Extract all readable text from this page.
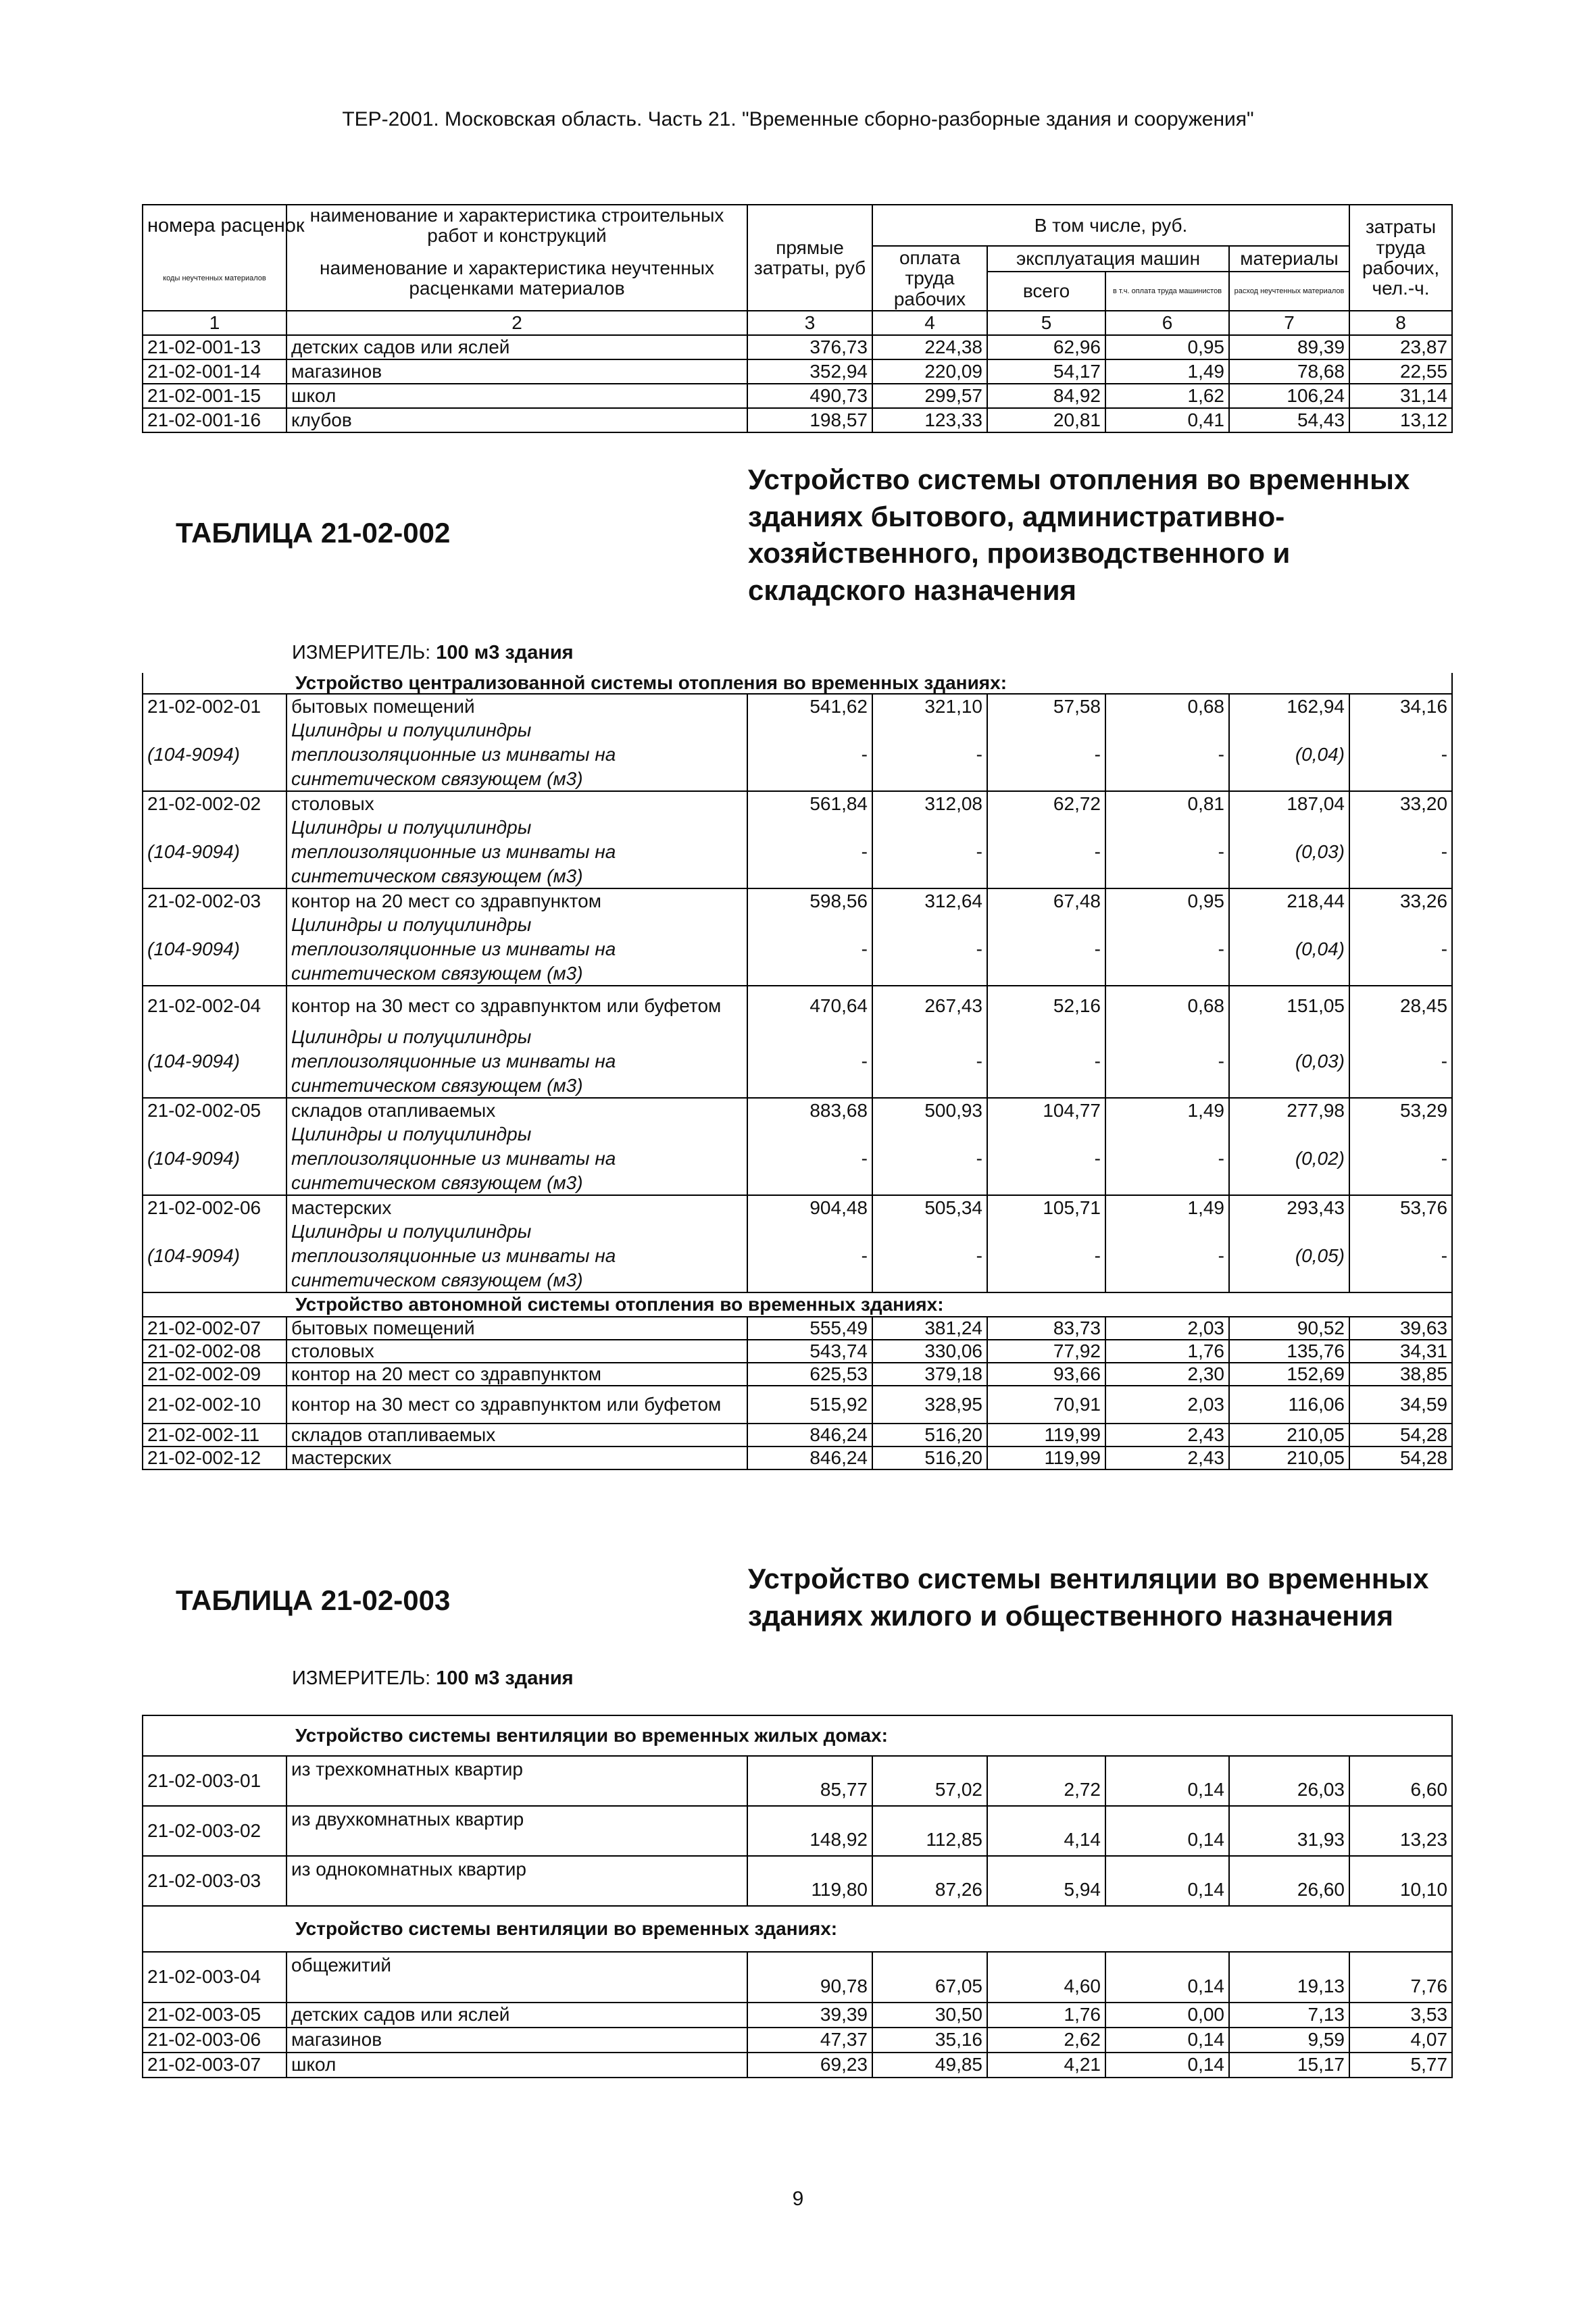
ТЕР-2001. Московская область. Часть 21. "Временные сборно-разборные здания и сооружения"
номера расценок	наименование и характеристика строительных работ и конструкций	прямые затраты, руб	В том числе, руб.				затраты труда рабочих, чел.-ч.
коды неучтенных материалов	наименование и характеристика неучтенных расценками материалов		оплата труда рабочих	эксплуатация машин		материалы	
				всего	в т.ч. оплата труда машинистов	расход неучтенных материалов	
1	2	3	4	5	6	7	8
21-02-001-13	детских садов или яслей	376,73	224,38	62,96	0,95	89,39	23,87
21-02-001-14	магазинов	352,94	220,09	54,17	1,49	78,68	22,55
21-02-001-15	школ	490,73	299,57	84,92	1,62	106,24	31,14
21-02-001-16	клубов	198,57	123,33	20,81	0,41	54,43	13,12
ТАБЛИЦА 21-02-002
Устройство системы отопления во временных
зданиях бытового, административно-
хозяйственного, производственного и
складского назначения
ИЗМЕРИТЕЛЬ: 100 м3 здания
Устройство централизованной системы отопления во временных зданиях:							
21-02-002-01	бытовых помещений	541,62	321,10	57,58	0,68	162,94	34,16
	Цилиндры и полуцилиндры						
(104-9094)	теплоизоляционные из минваты на	-	-	-	-	(0,04)	-
	синтетическом связующем (м3)						
21-02-002-02	столовых	561,84	312,08	62,72	0,81	187,04	33,20
	Цилиндры и полуцилиндры						
(104-9094)	теплоизоляционные из минваты на	-	-	-	-	(0,03)	-
	синтетическом связующем (м3)						
21-02-002-03	контор на 20 мест со здравпунктом	598,56	312,64	67,48	0,95	218,44	33,26
	Цилиндры и полуцилиндры						
(104-9094)	теплоизоляционные из минваты на	-	-	-	-	(0,04)	-
	синтетическом связующем (м3)						
21-02-002-04	контор на 30 мест со здравпунктом или буфетом	470,64	267,43	52,16	0,68	151,05	28,45
	Цилиндры и полуцилиндры						
(104-9094)	теплоизоляционные из минваты на	-	-	-	-	(0,03)	-
	синтетическом связующем (м3)						
21-02-002-05	складов отапливаемых	883,68	500,93	104,77	1,49	277,98	53,29
	Цилиндры и полуцилиндры						
(104-9094)	теплоизоляционные из минваты на	-	-	-	-	(0,02)	-
	синтетическом связующем (м3)						
21-02-002-06	мастерских	904,48	505,34	105,71	1,49	293,43	53,76
	Цилиндры и полуцилиндры						
(104-9094)	теплоизоляционные из минваты на	-	-	-	-	(0,05)	-
	синтетическом связующем (м3)						
Устройство автономной системы отопления во временных зданиях:							
21-02-002-07	бытовых помещений	555,49	381,24	83,73	2,03	90,52	39,63
21-02-002-08	столовых	543,74	330,06	77,92	1,76	135,76	34,31
21-02-002-09	контор на 20 мест со здравпунктом	625,53	379,18	93,66	2,30	152,69	38,85
21-02-002-10	контор на 30 мест со здравпунктом или буфетом	515,92	328,95	70,91	2,03	116,06	34,59
21-02-002-11	складов отапливаемых	846,24	516,20	119,99	2,43	210,05	54,28
21-02-002-12	мастерских	846,24	516,20	119,99	2,43	210,05	54,28
ТАБЛИЦА 21-02-003
Устройство системы вентиляции во временных
зданиях жилого и общественного назначения
ИЗМЕРИТЕЛЬ: 100 м3 здания
Устройство системы вентиляции во временных жилых домах:							
21-02-003-01	из трехкомнатных квартир	85,77	57,02	2,72	0,14	26,03	6,60
21-02-003-02	из двухкомнатных квартир	148,92	112,85	4,14	0,14	31,93	13,23
21-02-003-03	из однокомнатных квартир	119,80	87,26	5,94	0,14	26,60	10,10
Устройство системы вентиляции во временных зданиях:							
21-02-003-04	общежитий	90,78	67,05	4,60	0,14	19,13	7,76
21-02-003-05	детских садов или яслей	39,39	30,50	1,76	0,00	7,13	3,53
21-02-003-06	магазинов	47,37	35,16	2,62	0,14	9,59	4,07
21-02-003-07	школ	69,23	49,85	4,21	0,14	15,17	5,77
9
